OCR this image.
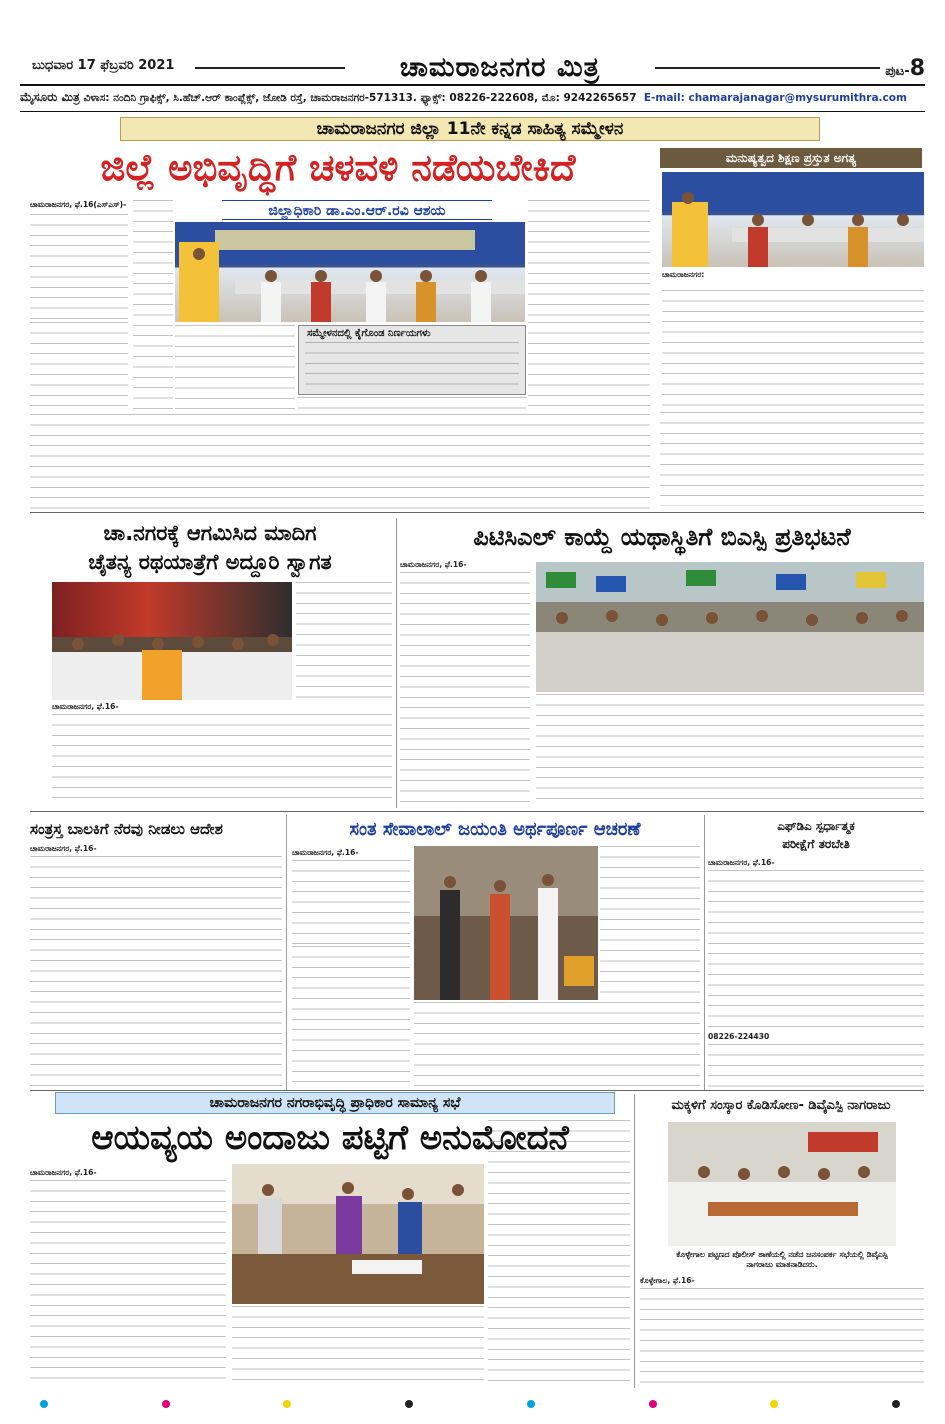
ಬುಧವಾರ 17 ಫೆಬ್ರವರಿ 2021	ಚಾಮರಾಜನಗರ ಮಿತ್ರ	ಪುಟ-8
ಮೈಸೂರು ಮಿತ್ರ ವಿಳಾಸ: ನಂದಿನಿ ಗ್ರಾಫಿಕ್ಸ್, ಸಿ.ಹೆಚ್.ಆರ್ ಕಾಂಪ್ಲೆಕ್ಸ್, ಜೋಡಿ ರಸ್ತೆ, ಚಾಮರಾಜನಗರ-571313. ಫ್ಯಾಕ್ಸ್: 08226-222608, ಮೊ: 9242265657 E-mail: chamarajanagar@mysurumithra.com
ಚಾಮರಾಜನಗರ ಜಿಲ್ಲಾ 11ನೇ ಕನ್ನಡ ಸಾಹಿತ್ಯ ಸಮ್ಮೇಳನ
ಜಿಲ್ಲೆ ಅಭಿವೃದ್ಧಿಗೆ ಚಳವಳಿ ನಡೆಯಬೇಕಿದೆ	ಮನುಷ್ಯತ್ವದ ಶಿಕ್ಷಣ ಪ್ರಸ್ತುತ ಅಗತ್ಯ
ಚಾಮರಾಜನಗರ, ಫೆ.16(ಎಸ್‌ಎಸ್)-	ಜಿಲ್ಲಾಧಿಕಾರಿ ಡಾ.ಎಂ.ಆರ್.ರವಿ ಆಶಯ
ಸಮ್ಮೇಳನದಲ್ಲಿ ಕೈಗೊಂಡ ನಿರ್ಣಯಗಳು
ಚಾಮರಾಜನಗರ:
ಚಾ.ನಗರಕ್ಕೆ ಆಗಮಿಸಿದ ಮಾದಿಗ
ಚೈತನ್ಯ ರಥಯಾತ್ರೆಗೆ ಅದ್ದೂರಿ ಸ್ವಾಗತ
ಚಾಮರಾಜನಗರ, ಫೆ.16-
ಪಿಟಿಸಿಎಲ್ ಕಾಯ್ದೆ ಯಥಾಸ್ಥಿತಿಗೆ ಬಿಎಸ್ಪಿ ಪ್ರತಿಭಟನೆ
ಚಾಮರಾಜನಗರ, ಫೆ.16-
ಸಂತ್ರಸ್ತ ಬಾಲಕಿಗೆ ನೆರವು ನೀಡಲು ಆದೇಶ
ಚಾಮರಾಜನಗರ, ಫೆ.16-
ಸಂತ ಸೇವಾಲಾಲ್ ಜಯಂತಿ ಅರ್ಥಪೂರ್ಣ ಆಚರಣೆ
ಚಾಮರಾಜನಗರ, ಫೆ.16-
ಎಫ್‌ಡಿಎ ಸ್ಪರ್ಧಾತ್ಮಕ
ಪರೀಕ್ಷೆಗೆ ತರಬೇತಿ
ಚಾಮರಾಜನಗರ, ಫೆ.16-
08226-224430
ಚಾಮರಾಜನಗರ ನಗರಾಭಿವೃದ್ಧಿ ಪ್ರಾಧಿಕಾರ ಸಾಮಾನ್ಯ ಸಭೆ
ಆಯವ್ಯಯ ಅಂದಾಜು ಪಟ್ಟಿಗೆ ಅನುಮೋದನೆ
ಚಾಮರಾಜನಗರ, ಫೆ.16-
ಮಕ್ಕಳಿಗೆ ಸಂಸ್ಕಾರ ಕೊಡಿಸೋಣ- ಡಿವೈಎಸ್ಪಿ ನಾಗರಾಜು
ಕೊಳ್ಳೇಗಾಲ ಪಟ್ಟಣದ ಪೊಲೀಸ್ ಠಾಣೆಯಲ್ಲಿ ನಡೆದ ಜನಸಂಪರ್ಕ ಸಭೆಯಲ್ಲಿ ಡಿವೈಎಸ್ಪಿ ನಾಗರಾಜು ಮಾತನಾಡಿದರು.
ಕೊಳ್ಳೇಗಾಲ, ಫೆ.16-
